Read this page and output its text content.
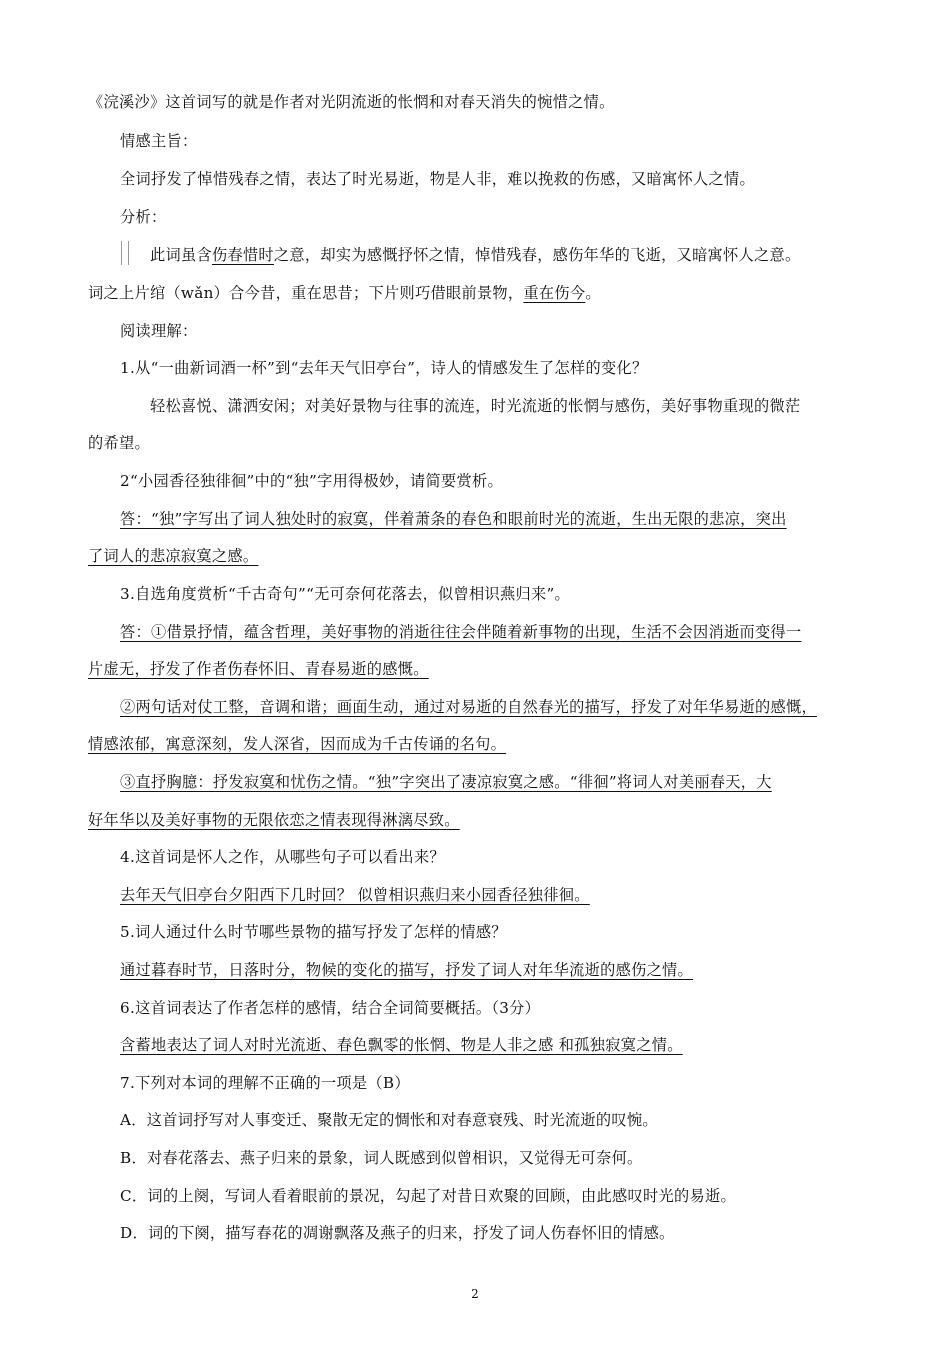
《浣溪沙》这首词写的就是作者对光阴流逝的怅惘和对春天消失的惋惜之情。
情感主旨：
全词抒发了悼惜残春之情，表达了时光易逝，物是人非，难以挽救的伤感，又暗寓怀人之情。
分析：
此词虽含伤春惜时之意，却实为感慨抒怀之情，悼惜残春，感伤年华的飞逝，又暗寓怀人之意。
词之上片绾（wǎn）合今昔，重在思昔；下片则巧借眼前景物，重在伤今。
阅读理解：
1.从“一曲新词酒一杯”到“去年天气旧亭台”，诗人的情感发生了怎样的变化？
轻松喜悦、潇洒安闲；对美好景物与往事的流连，时光流逝的怅惘与感伤，美好事物重现的微茫
的希望。
2“小园香径独徘徊”中的“独”字用得极妙，请简要赏析。
答：“独”字写出了词人独处时的寂寞，伴着萧条的春色和眼前时光的流逝，生出无限的悲凉，突出
了词人的悲凉寂寞之感。
3.自选角度赏析“千古奇句”“无可奈何花落去，似曾相识燕归来”。
答：①借景抒情，蕴含哲理，美好事物的消逝往往会伴随着新事物的出现，生活不会因消逝而变得一
片虚无，抒发了作者伤春怀旧、青春易逝的感慨。
②两句话对仗工整，音调和谐；画面生动，通过对易逝的自然春光的描写，抒发了对年华易逝的感慨，
情感浓郁，寓意深刻，发人深省，因而成为千古传诵的名句。
③直抒胸臆：抒发寂寞和忧伤之情。“独”字突出了凄凉寂寞之感。“徘徊”将词人对美丽春天，大
好年华以及美好事物的无限依恋之情表现得淋漓尽致。
4.这首词是怀人之作，从哪些句子可以看出来？
去年天气旧亭台夕阳西下几时回？ 似曾相识燕归来小园香径独徘徊。
5.词人通过什么时节哪些景物的描写抒发了怎样的情感？
通过暮春时节，日落时分，物候的变化的描写，抒发了词人对年华流逝的感伤之情。
6.这首词表达了作者怎样的感情，结合全词简要概括。（3分）
含蓄地表达了词人对时光流逝、春色飘零的怅惘、物是人非之感 和孤独寂寞之情。
7.下列对本词的理解不正确的一项是（B）
A．这首词抒写对人事变迁、聚散无定的惆怅和对春意衰残、时光流逝的叹惋。
B．对春花落去、燕子归来的景象，词人既感到似曾相识，又觉得无可奈何。
C．词的上阕，写词人看着眼前的景况，勾起了对昔日欢聚的回顾，由此感叹时光的易逝。
D．词的下阕，描写春花的凋谢飘落及燕子的归来，抒发了词人伤春怀旧的情感。
2
